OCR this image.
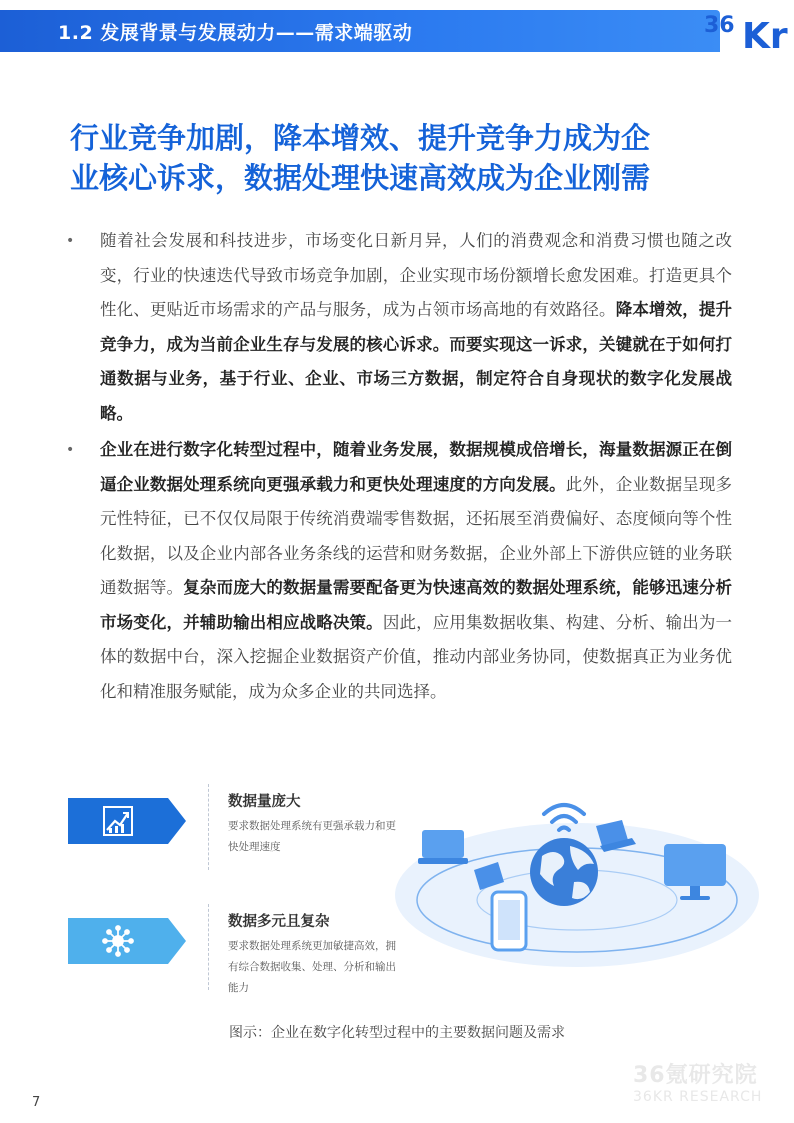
1.2 发展背景与发展动力——需求端驱动	36 Kr
行业竞争加剧，降本增效、提升竞争力成为企
业核心诉求，数据处理快速高效成为企业刚需
• 随着社会发展和科技进步，市场变化日新月异，人们的消费观念和消费习惯也随之改变，行业的快速迭代导致市场竞争加剧，企业实现市场份额增长愈发困难。打造更具个性化、更贴近市场需求的产品与服务，成为占领市场高地的有效路径。降本增效，提升竞争力，成为当前企业生存与发展的核心诉求。而要实现这一诉求，关键就在于如何打通数据与业务，基于行业、企业、市场三方数据，制定符合自身现状的数字化发展战略。
• 企业在进行数字化转型过程中，随着业务发展，数据规模成倍增长，海量数据源正在倒逼企业数据处理系统向更强承载力和更快处理速度的方向发展。此外，企业数据呈现多元性特征，已不仅仅局限于传统消费端零售数据，还拓展至消费偏好、态度倾向等个性化数据，以及企业内部各业务条线的运营和财务数据，企业外部上下游供应链的业务联通数据等。复杂而庞大的数据量需要配备更为快速高效的数据处理系统，能够迅速分析市场变化，并辅助输出相应战略决策。因此，应用集数据收集、构建、分析、输出为一体的数据中台，深入挖掘企业数据资产价值，推动内部业务协同，使数据真正为业务优化和精准服务赋能，成为众多企业的共同选择。
数据量庞大
要求数据处理系统有更强承载力和更快处理速度
数据多元且复杂
要求数据处理系统更加敏捷高效，拥有综合数据收集、处理、分析和输出能力
图示：企业在数字化转型过程中的主要数据问题及需求
36氪研究院
36KR RESEARCH
7
